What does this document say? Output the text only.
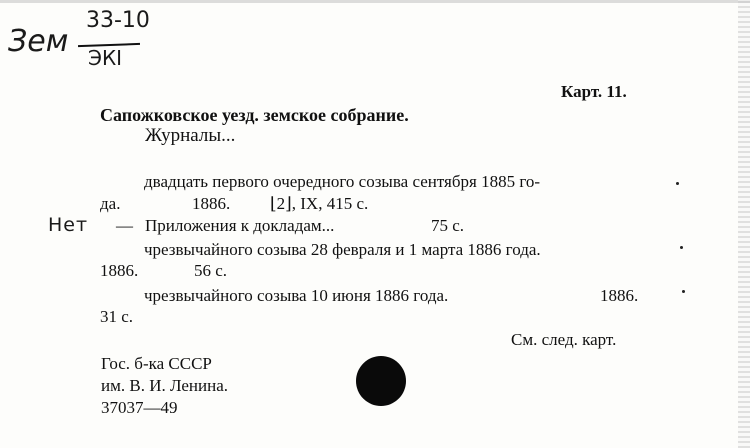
Зем
33-10
ЭКI
Нет
Карт. 11.
Сапожковское уезд. земское собрание.
Журналы...
двадцать первого очередного созыва сентября 1885 го-
да.	1886. ⌊2⌋, IX, 415 с.
— Приложения к докладам...	75 с.
чрезвычайного созыва 28 февраля и 1 марта 1886 года.
1886.	56 с.
чрезвычайного созыва 10 июня 1886 года.	1886.
31 с.
См. след. карт.
Гос. б-ка СССР
им. В. И. Ленина.
37037—49
